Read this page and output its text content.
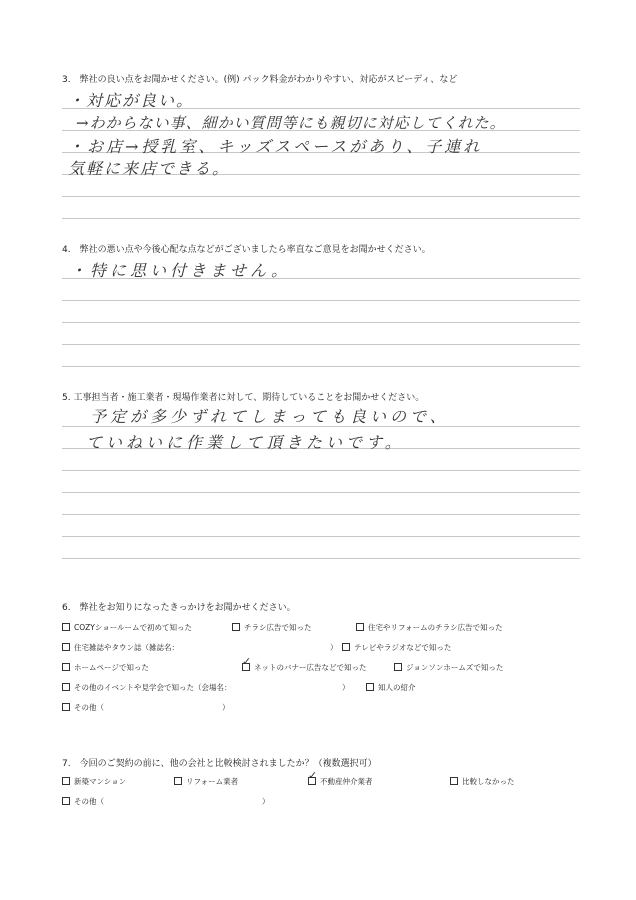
3.　弊社の良い点をお聞かせください。(例) パック料金がわかりやすい、対応がスピーディ、など
・対応が良い。
→わからない事、細かい質問等にも親切に対応してくれた。
・お店→授乳室、キッズスペースがあり、子連れ
気軽に来店できる。
4.　弊社の悪い点や今後心配な点などがございましたら率直なご意見をお聞かせください。
・特に思い付きません。
5. 工事担当者・施工業者・現場作業者に対して、期待していることをお聞かせください。
予定が多少ずれてしまっても良いので、
ていねいに作業して頂きたいです。
6.　弊社をお知りになったきっかけをお聞かせください。
COZYショールームで初めて知った	チラシ広告で知った	住宅やリフォームのチラシ広告で知った
住宅雑誌やタウン誌（雑誌名：	）	テレビやラジオなどで知った
ホームページで知った ✓	ネットのバナー広告などで知った	ジョンソンホームズで知った
その他のイベントや見学会で知った（会場名：	）	知人の紹介
その他（	）
7.　今回のご契約の前に、他の会社と比較検討されましたか？（複数選択可）
新築マンション	リフォーム業者 ✓	不動産仲介業者	比較しなかった
その他（	）
